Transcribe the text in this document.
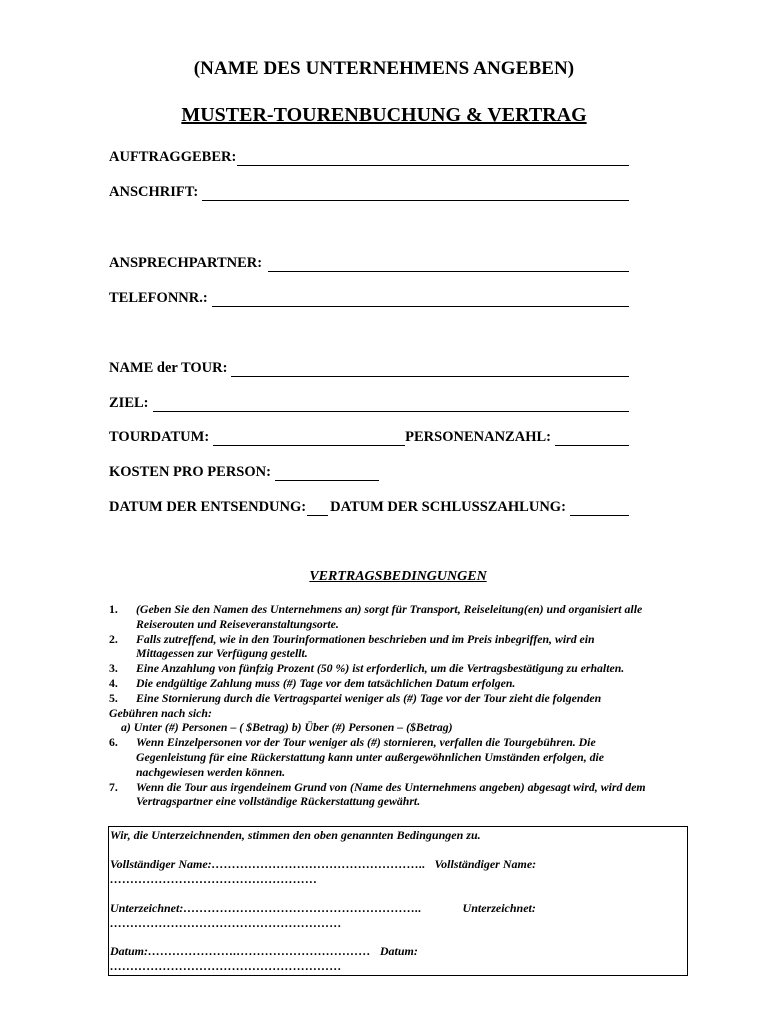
(NAME DES UNTERNEHMENS ANGEBEN)
MUSTER-TOURENBUCHUNG & VERTRAG
AUFTRAGGEBER:
ANSCHRIFT:
ANSPRECHPARTNER:
TELEFONNR.:
NAME der TOUR:
ZIEL:
TOURDATUM:	PERSONENANZAHL:
KOSTEN PRO PERSON:
DATUM DER ENTSENDUNG: DATUM DER SCHLUSSZAHLUNG:
VERTRAGSBEDINGUNGEN
1. (Geben Sie den Namen des Unternehmens an) sorgt für Transport, Reiseleitung(en) und organisiert alle
Reiserouten und Reiseveranstaltungsorte.
2. Falls zutreffend, wie in den Tourinformationen beschrieben und im Preis inbegriffen, wird ein
Mittagessen zur Verfügung gestellt.
3. Eine Anzahlung von fünfzig Prozent (50 %) ist erforderlich, um die Vertragsbestätigung zu erhalten.
4. Die endgültige Zahlung muss (#) Tage vor dem tatsächlichen Datum erfolgen.
5. Eine Stornierung durch die Vertragspartei weniger als (#) Tage vor der Tour zieht die folgenden
Gebühren nach sich:
a) Unter (#) Personen – ( $Betrag) b) Über (#) Personen – ($Betrag)
6. Wenn Einzelpersonen vor der Tour weniger als (#) stornieren, verfallen die Tourgebühren. Die
Gegenleistung für eine Rückerstattung kann unter außergewöhnlichen Umständen erfolgen, die
nachgewiesen werden können.
7. Wenn die Tour aus irgendeinem Grund von (Name des Unternehmens angeben) abgesagt wird, wird dem
Vertragspartner eine vollständige Rückerstattung gewährt.
Wir, die Unterzeichnenden, stimmen den oben genannten Bedingungen zu.
Vollständiger Name:…………………………………………….. Vollständiger Name:
……………………………………………
Unterzeichnet:…………………………………………………..	Unterzeichnet:
…………………………………………………
Datum:………………….…………………………… Datum:
…………………………………………………
